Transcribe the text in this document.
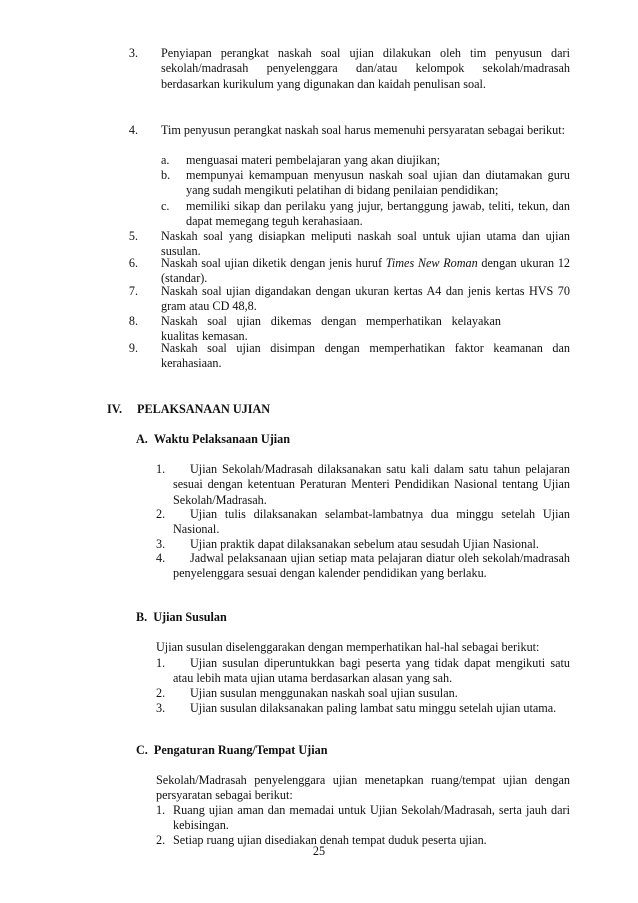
3. Penyiapan perangkat naskah soal ujian dilakukan oleh tim penyusun dari sekolah/madrasah penyelenggara dan/atau kelompok sekolah/madrasah berdasarkan kurikulum yang digunakan dan kaidah penulisan soal.
4. Tim penyusun perangkat naskah soal harus memenuhi persyaratan sebagai berikut:
a.	menguasai materi pembelajaran yang akan diujikan;
b.	mempunyai kemampuan menyusun naskah soal ujian dan diutamakan guru yang sudah mengikuti pelatihan di bidang penilaian pendidikan;
c.	memiliki sikap dan perilaku yang jujur, bertanggung jawab, teliti, tekun, dan dapat memegang teguh kerahasiaan.
5. Naskah soal yang disiapkan meliputi naskah soal untuk ujian utama dan ujian susulan.
6. Naskah soal ujian diketik dengan jenis huruf Times New Roman dengan ukuran 12 (standar).
7. Naskah soal ujian digandakan dengan ukuran kertas A4 dan jenis kertas HVS 70 gram atau CD 48,8.
8. Naskah soal ujian dikemas dengan memperhatikan kelayakan kualitas kemasan.
9. Naskah soal ujian disimpan dengan memperhatikan faktor keamanan dan kerahasiaan.
IV. PELAKSANAAN UJIAN
A. Waktu Pelaksanaan Ujian
1.	Ujian Sekolah/Madrasah dilaksanakan satu kali dalam satu tahun pelajaran sesuai dengan ketentuan Peraturan Menteri Pendidikan Nasional tentang Ujian Sekolah/Madrasah.
2.	Ujian tulis dilaksanakan selambat-lambatnya dua minggu setelah Ujian Nasional.
3.	Ujian praktik dapat dilaksanakan sebelum atau sesudah Ujian Nasional.
4.	Jadwal pelaksanaan ujian setiap mata pelajaran diatur oleh sekolah/madrasah penyelenggara sesuai dengan kalender pendidikan yang berlaku.
B. Ujian Susulan
Ujian susulan diselenggarakan dengan memperhatikan hal-hal sebagai berikut:
1.	Ujian susulan diperuntukkan bagi peserta yang tidak dapat mengikuti satu atau lebih mata ujian utama berdasarkan alasan yang sah.
2.	Ujian susulan menggunakan naskah soal ujian susulan.
3.	Ujian susulan dilaksanakan paling lambat satu minggu setelah ujian utama.
C. Pengaturan Ruang/Tempat Ujian
Sekolah/Madrasah penyelenggara ujian menetapkan ruang/tempat ujian dengan persyaratan sebagai berikut:
1. Ruang ujian aman dan memadai untuk Ujian Sekolah/Madrasah, serta jauh dari kebisingan.
2. Setiap ruang ujian disediakan denah tempat duduk peserta ujian.
25
